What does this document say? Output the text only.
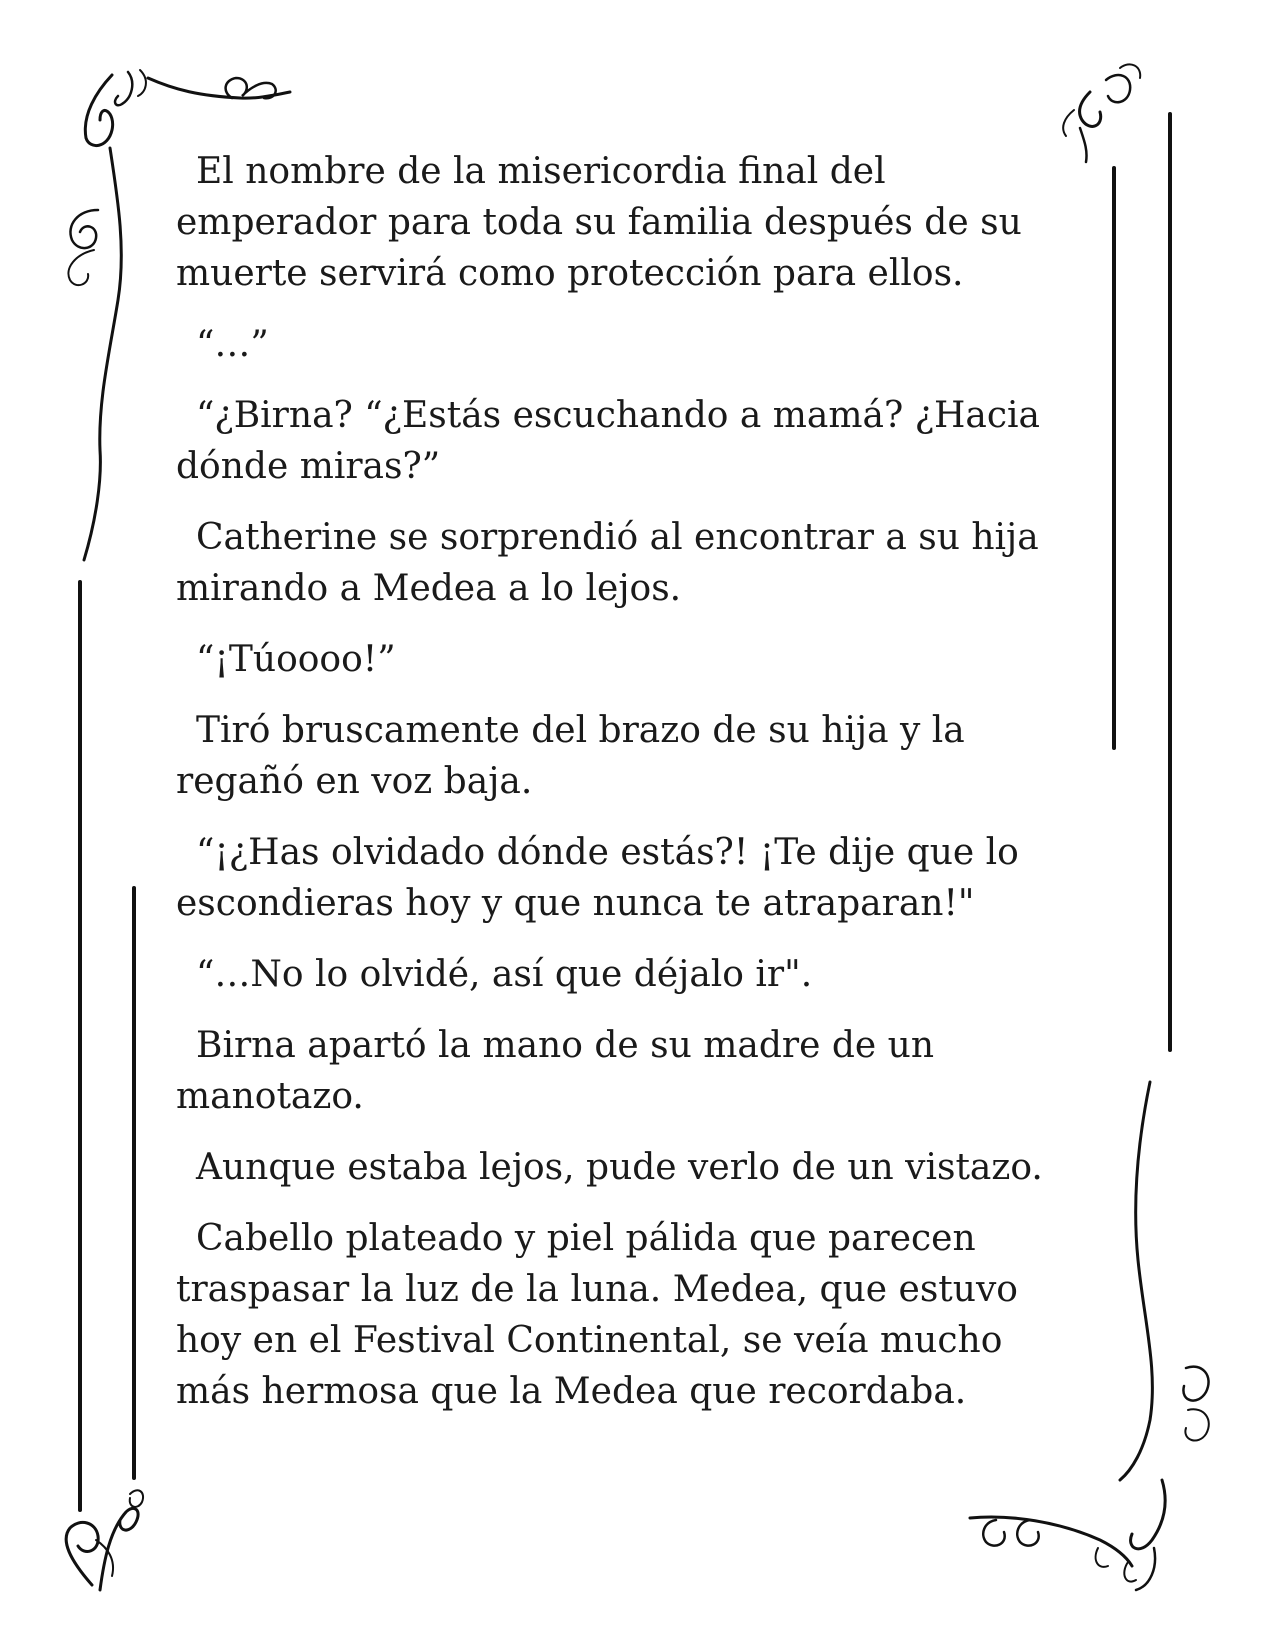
El nombre de la misericordia final del emperador para toda su familia después de su muerte servirá como protección para ellos.

“…”

“¿Birna? “¿Estás escuchando a mamá? ¿Hacia dónde miras?”

Catherine se sorprendió al encontrar a su hija mirando a Medea a lo lejos.

“¡Túoooo!”

Tiró bruscamente del brazo de su hija y la regañó en voz baja.

“¡¿Has olvidado dónde estás?! ¡Te dije que lo escondieras hoy y que nunca te atraparan!"

“…No lo olvidé, así que déjalo ir".

Birna apartó la mano de su madre de un manotazo.

Aunque estaba lejos, pude verlo de un vistazo.

Cabello plateado y piel pálida que parecen traspasar la luz de la luna. Medea, que estuvo hoy en el Festival Continental, se veía mucho más hermosa que la Medea que recordaba.
